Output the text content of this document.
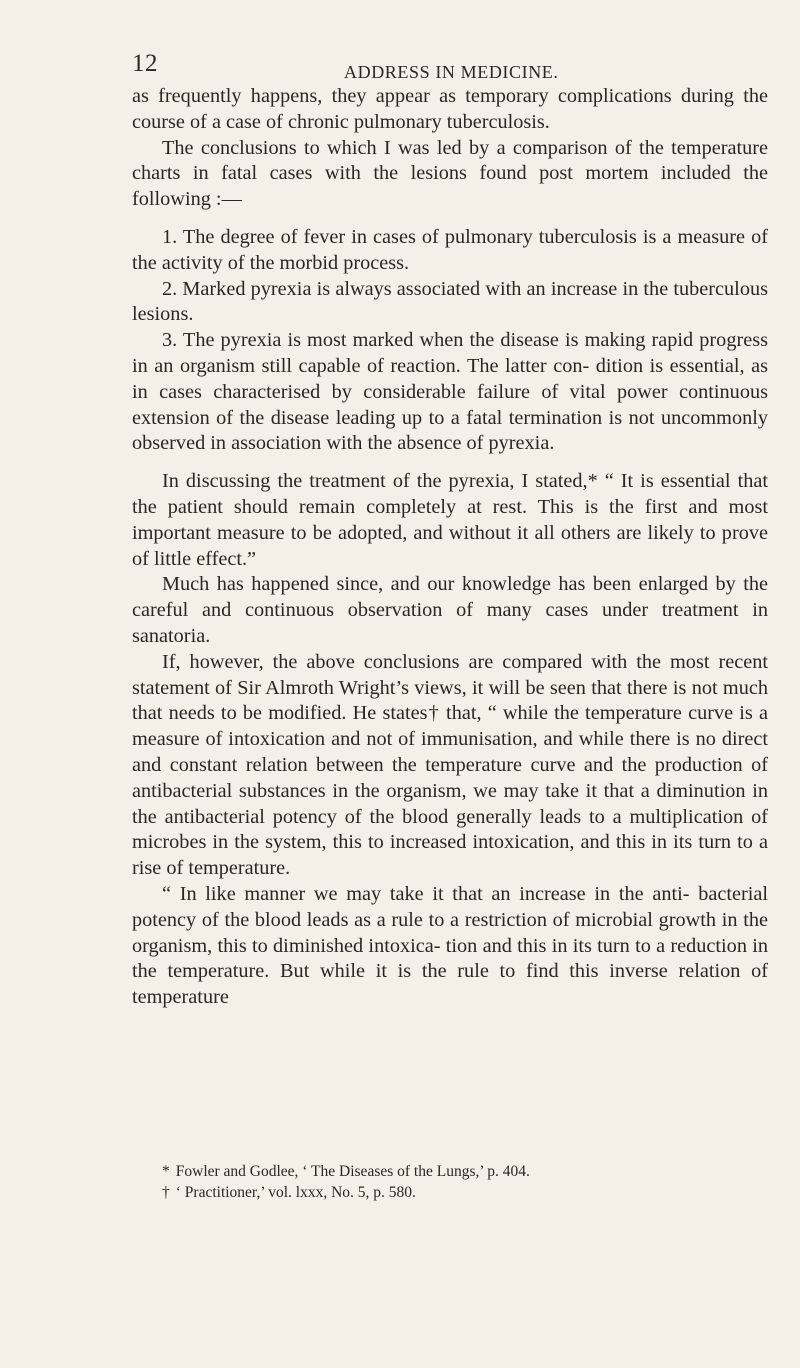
12	ADDRESS IN MEDICINE.

as frequently happens, they appear as temporary complications during the course of a case of chronic pulmonary tuberculosis.

The conclusions to which I was led by a comparison of the temperature charts in fatal cases with the lesions found post mortem included the following :—

1. The degree of fever in cases of pulmonary tuberculosis is a measure of the activity of the morbid process.

2. Marked pyrexia is always associated with an increase in the tuberculous lesions.

3. The pyrexia is most marked when the disease is making rapid progress in an organism still capable of reaction. The latter con- dition is essential, as in cases characterised by considerable failure of vital power continuous extension of the disease leading up to a fatal termination is not uncommonly observed in association with the absence of pyrexia.

In discussing the treatment of the pyrexia, I stated,* “ It is essential that the patient should remain completely at rest. This is the first and most important measure to be adopted, and without it all others are likely to prove of little effect.”

Much has happened since, and our knowledge has been enlarged by the careful and continuous observation of many cases under treatment in sanatoria.

If, however, the above conclusions are compared with the most recent statement of Sir Almroth Wright’s views, it will be seen that there is not much that needs to be modified. He states† that, “ while the temperature curve is a measure of intoxication and not of immunisation, and while there is no direct and constant relation between the temperature curve and the production of antibacterial substances in the organism, we may take it that a diminution in the antibacterial potency of the blood generally leads to a multiplication of microbes in the system, this to increased intoxication, and this in its turn to a rise of temperature.

“ In like manner we may take it that an increase in the anti- bacterial potency of the blood leads as a rule to a restriction of microbial growth in the organism, this to diminished intoxica- tion and this in its turn to a reduction in the temperature. But while it is the rule to find this inverse relation of temperature

* Fowler and Godlee, ‘ The Diseases of the Lungs,’ p. 404.

† ‘ Practitioner,’ vol. lxxx, No. 5, p. 580.
